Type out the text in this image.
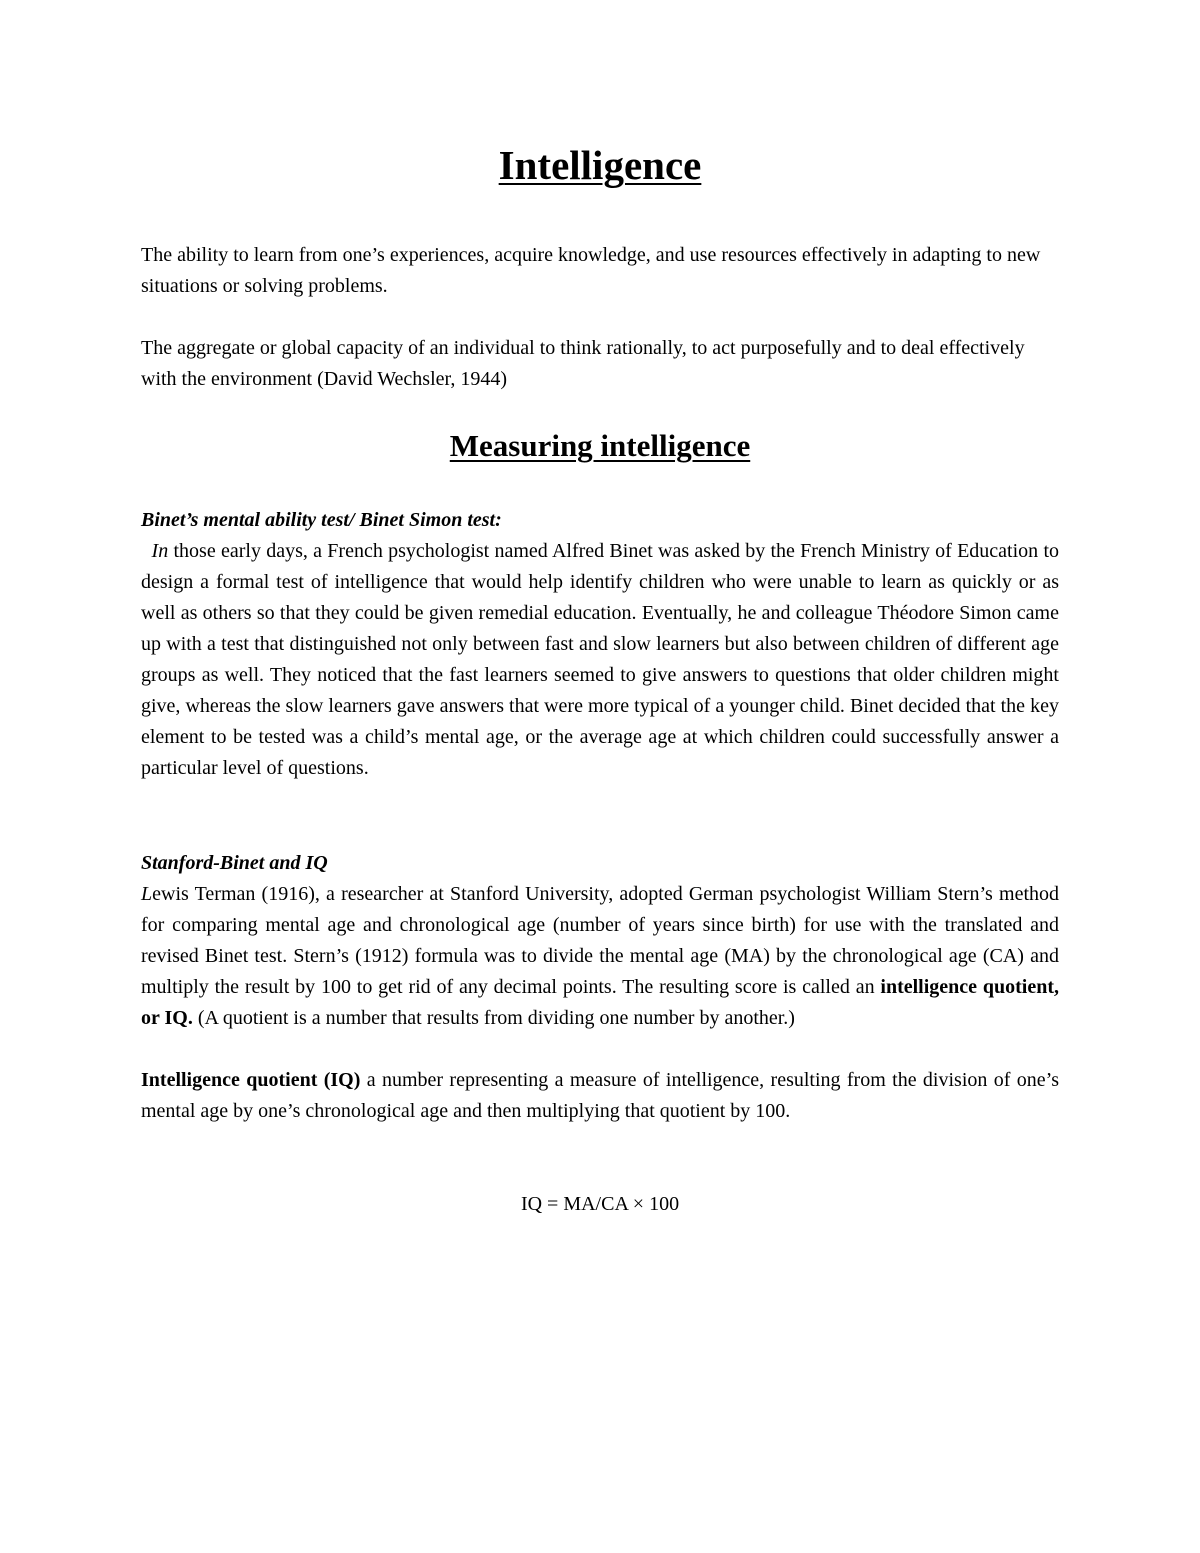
Intelligence

The ability to learn from one’s experiences, acquire knowledge, and use resources effectively in adapting to new situations or solving problems.

The aggregate or global capacity of an individual to think rationally, to act purposefully and to deal effectively with the environment (David Wechsler, 1944)

Measuring intelligence

Binet’s mental ability test/ Binet Simon test:

In those early days, a French psychologist named Alfred Binet was asked by the French Ministry of Education to design a formal test of intelligence that would help identify children who were unable to learn as quickly or as well as others so that they could be given remedial education. Eventually, he and colleague Théodore Simon came up with a test that distinguished not only between fast and slow learners but also between children of different age groups as well. They noticed that the fast learners seemed to give answers to questions that older children might give, whereas the slow learners gave answers that were more typical of a younger child. Binet decided that the key element to be tested was a child’s mental age, or the average age at which children could successfully answer a particular level of questions.

Stanford-Binet and IQ

Lewis Terman (1916), a researcher at Stanford University, adopted German psychologist William Stern’s method for comparing mental age and chronological age (number of years since birth) for use with the translated and revised Binet test. Stern’s (1912) formula was to divide the mental age (MA) by the chronological age (CA) and multiply the result by 100 to get rid of any decimal points. The resulting score is called an intelligence quotient, or IQ. (A quotient is a number that results from dividing one number by another.)

Intelligence quotient (IQ) a number representing a measure of intelligence, resulting from the division of one’s mental age by one’s chronological age and then multiplying that quotient by 100.

IQ = MA/CA × 100
